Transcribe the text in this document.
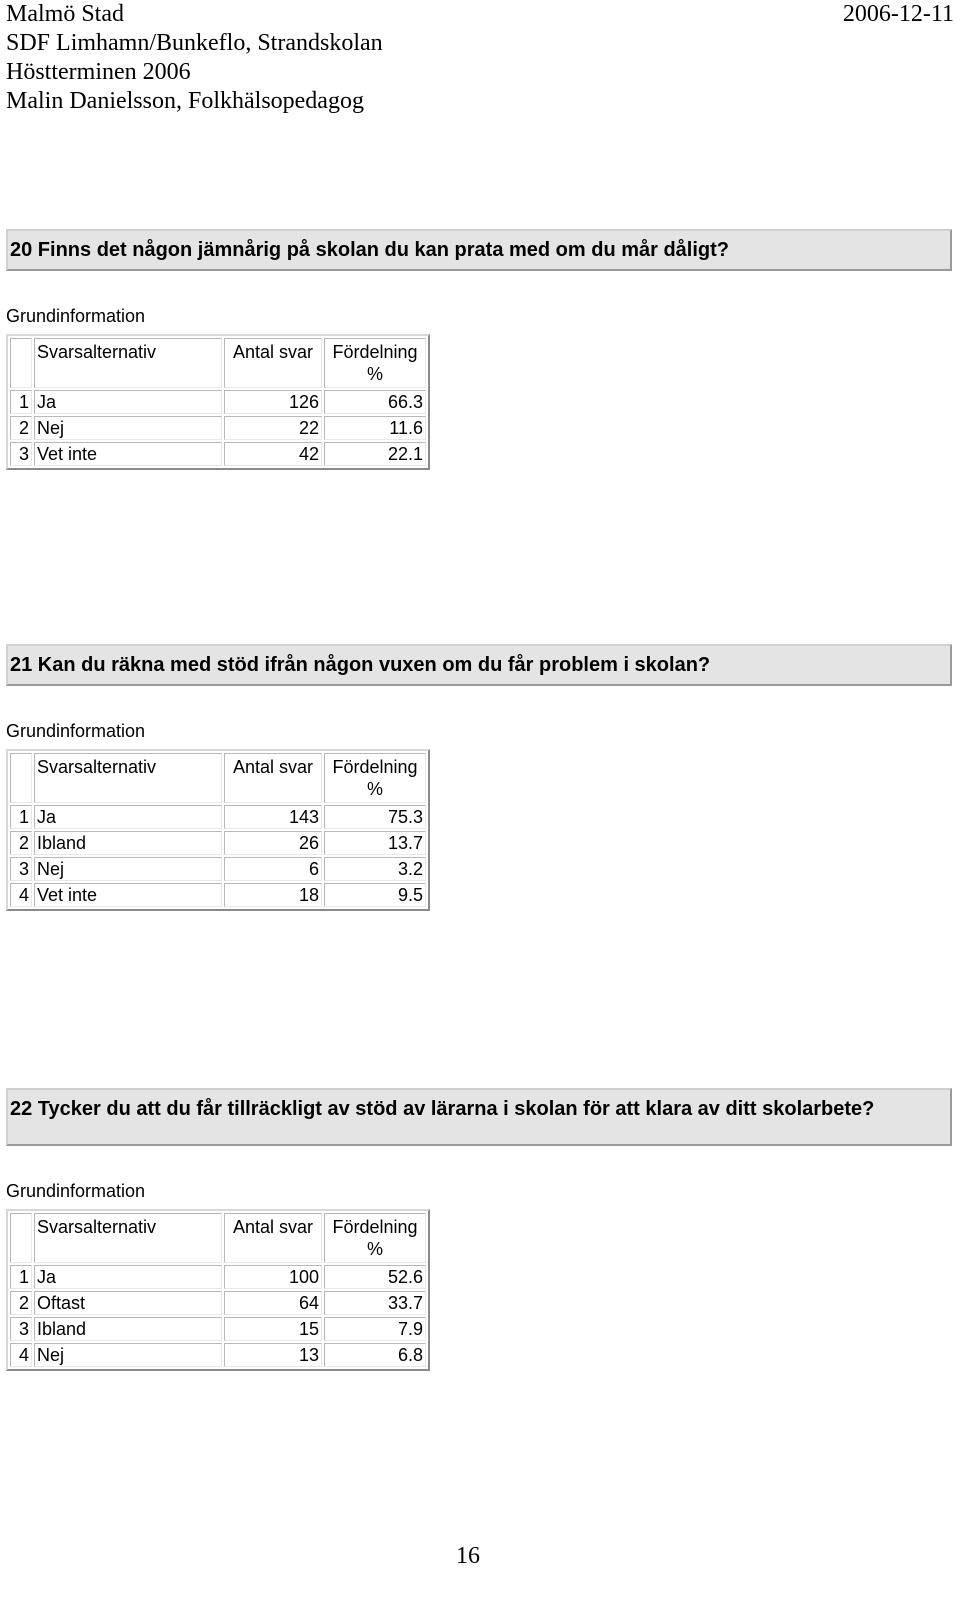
Malmö Stad	2006-12-11
SDF Limhamn/Bunkeflo, Strandskolan
Höstterminen 2006
Malin Danielsson, Folkhälsopedagog
20 Finns det någon jämnårig på skolan du kan prata med om du mår dåligt?
Grundinformation
	Svarsalternativ	Antal svar	Fördelning
%

1	Ja	126	66.3
2	Nej	22	11.6
3	Vet inte	42	22.1
21 Kan du räkna med stöd ifrån någon vuxen om du får problem i skolan?
Grundinformation
	Svarsalternativ	Antal svar	Fördelning
%

1	Ja	143	75.3
2	Ibland	26	13.7
3	Nej	6	3.2
4	Vet inte	18	9.5
22 Tycker du att du får tillräckligt av stöd av lärarna i skolan för att klara av ditt skolarbete?
Grundinformation
	Svarsalternativ	Antal svar	Fördelning
%

1	Ja	100	52.6
2	Oftast	64	33.7
3	Ibland	15	7.9
4	Nej	13	6.8
16
